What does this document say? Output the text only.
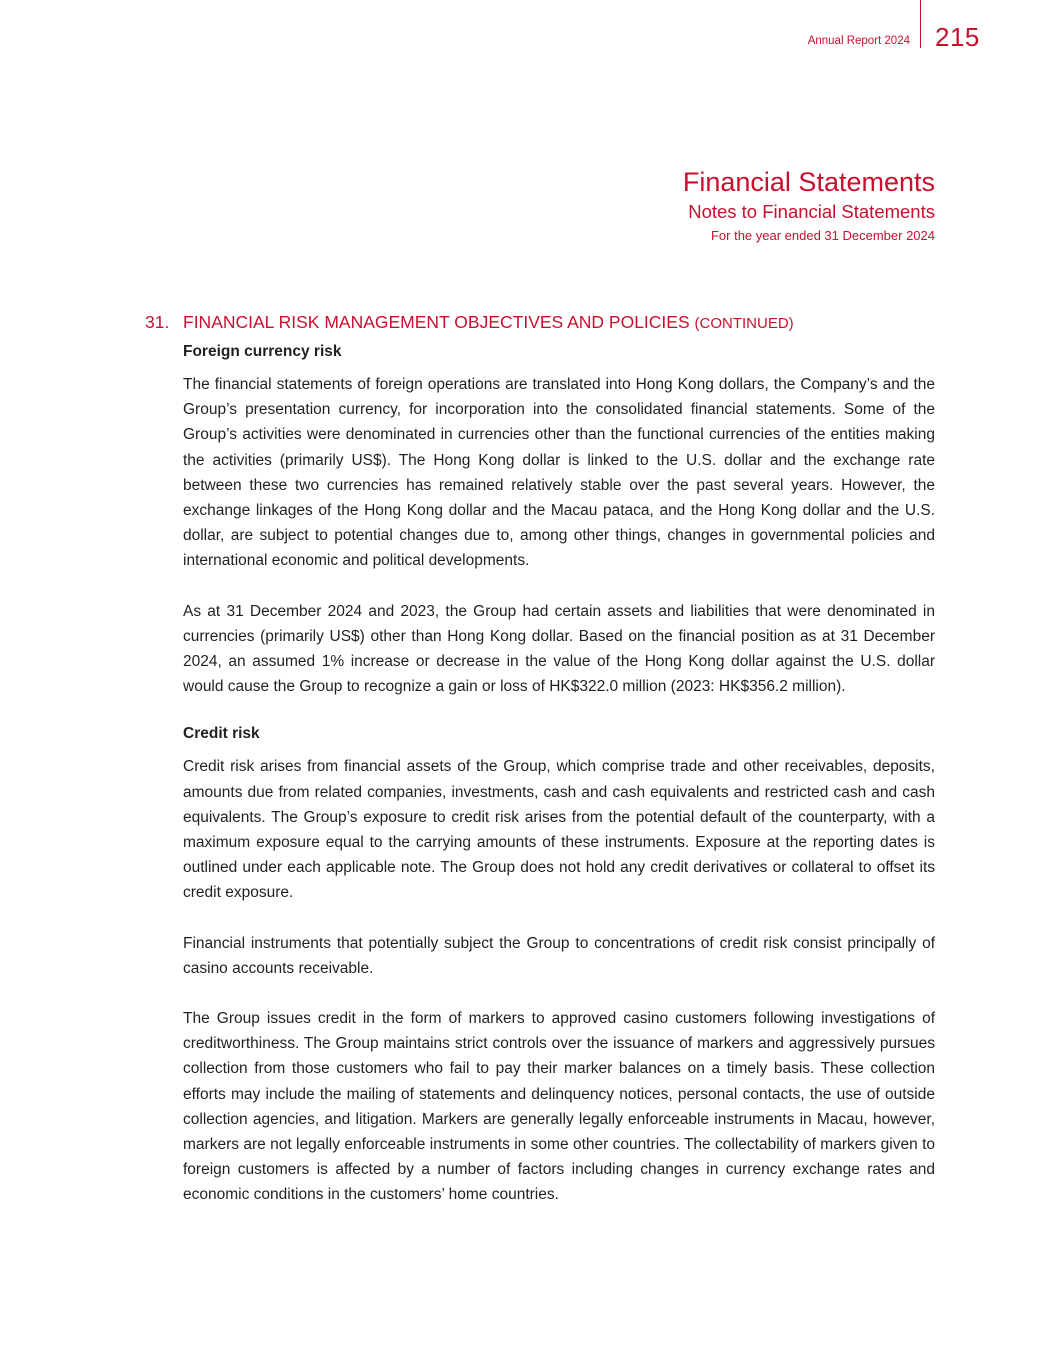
Annual Report 2024 215
Financial Statements
Notes to Financial Statements
For the year ended 31 December 2024
31. FINANCIAL RISK MANAGEMENT OBJECTIVES AND POLICIES (CONTINUED)
Foreign currency risk

The financial statements of foreign operations are translated into Hong Kong dollars, the Company’s and the Group’s presentation currency, for incorporation into the consolidated financial statements. Some of the Group’s activities were denominated in currencies other than the functional currencies of the entities making the activities (primarily US$). The Hong Kong dollar is linked to the U.S. dollar and the exchange rate between these two currencies has remained relatively stable over the past several years. However, the exchange linkages of the Hong Kong dollar and the Macau pataca, and the Hong Kong dollar and the U.S. dollar, are subject to potential changes due to, among other things, changes in governmental policies and international economic and political developments.

As at 31 December 2024 and 2023, the Group had certain assets and liabilities that were denominated in currencies (primarily US$) other than Hong Kong dollar. Based on the financial position as at 31 December 2024, an assumed 1% increase or decrease in the value of the Hong Kong dollar against the U.S. dollar would cause the Group to recognize a gain or loss of HK$322.0 million (2023: HK$356.2 million).

Credit risk

Credit risk arises from financial assets of the Group, which comprise trade and other receivables, deposits, amounts due from related companies, investments, cash and cash equivalents and restricted cash and cash equivalents. The Group’s exposure to credit risk arises from the potential default of the counterparty, with a maximum exposure equal to the carrying amounts of these instruments. Exposure at the reporting dates is outlined under each applicable note. The Group does not hold any credit derivatives or collateral to offset its credit exposure.

Financial instruments that potentially subject the Group to concentrations of credit risk consist principally of casino accounts receivable.

The Group issues credit in the form of markers to approved casino customers following investigations of creditworthiness. The Group maintains strict controls over the issuance of markers and aggressively pursues collection from those customers who fail to pay their marker balances on a timely basis. These collection efforts may include the mailing of statements and delinquency notices, personal contacts, the use of outside collection agencies, and litigation. Markers are generally legally enforceable instruments in Macau, however, markers are not legally enforceable instruments in some other countries. The collectability of markers given to foreign customers is affected by a number of factors including changes in currency exchange rates and economic conditions in the customers’ home countries.
